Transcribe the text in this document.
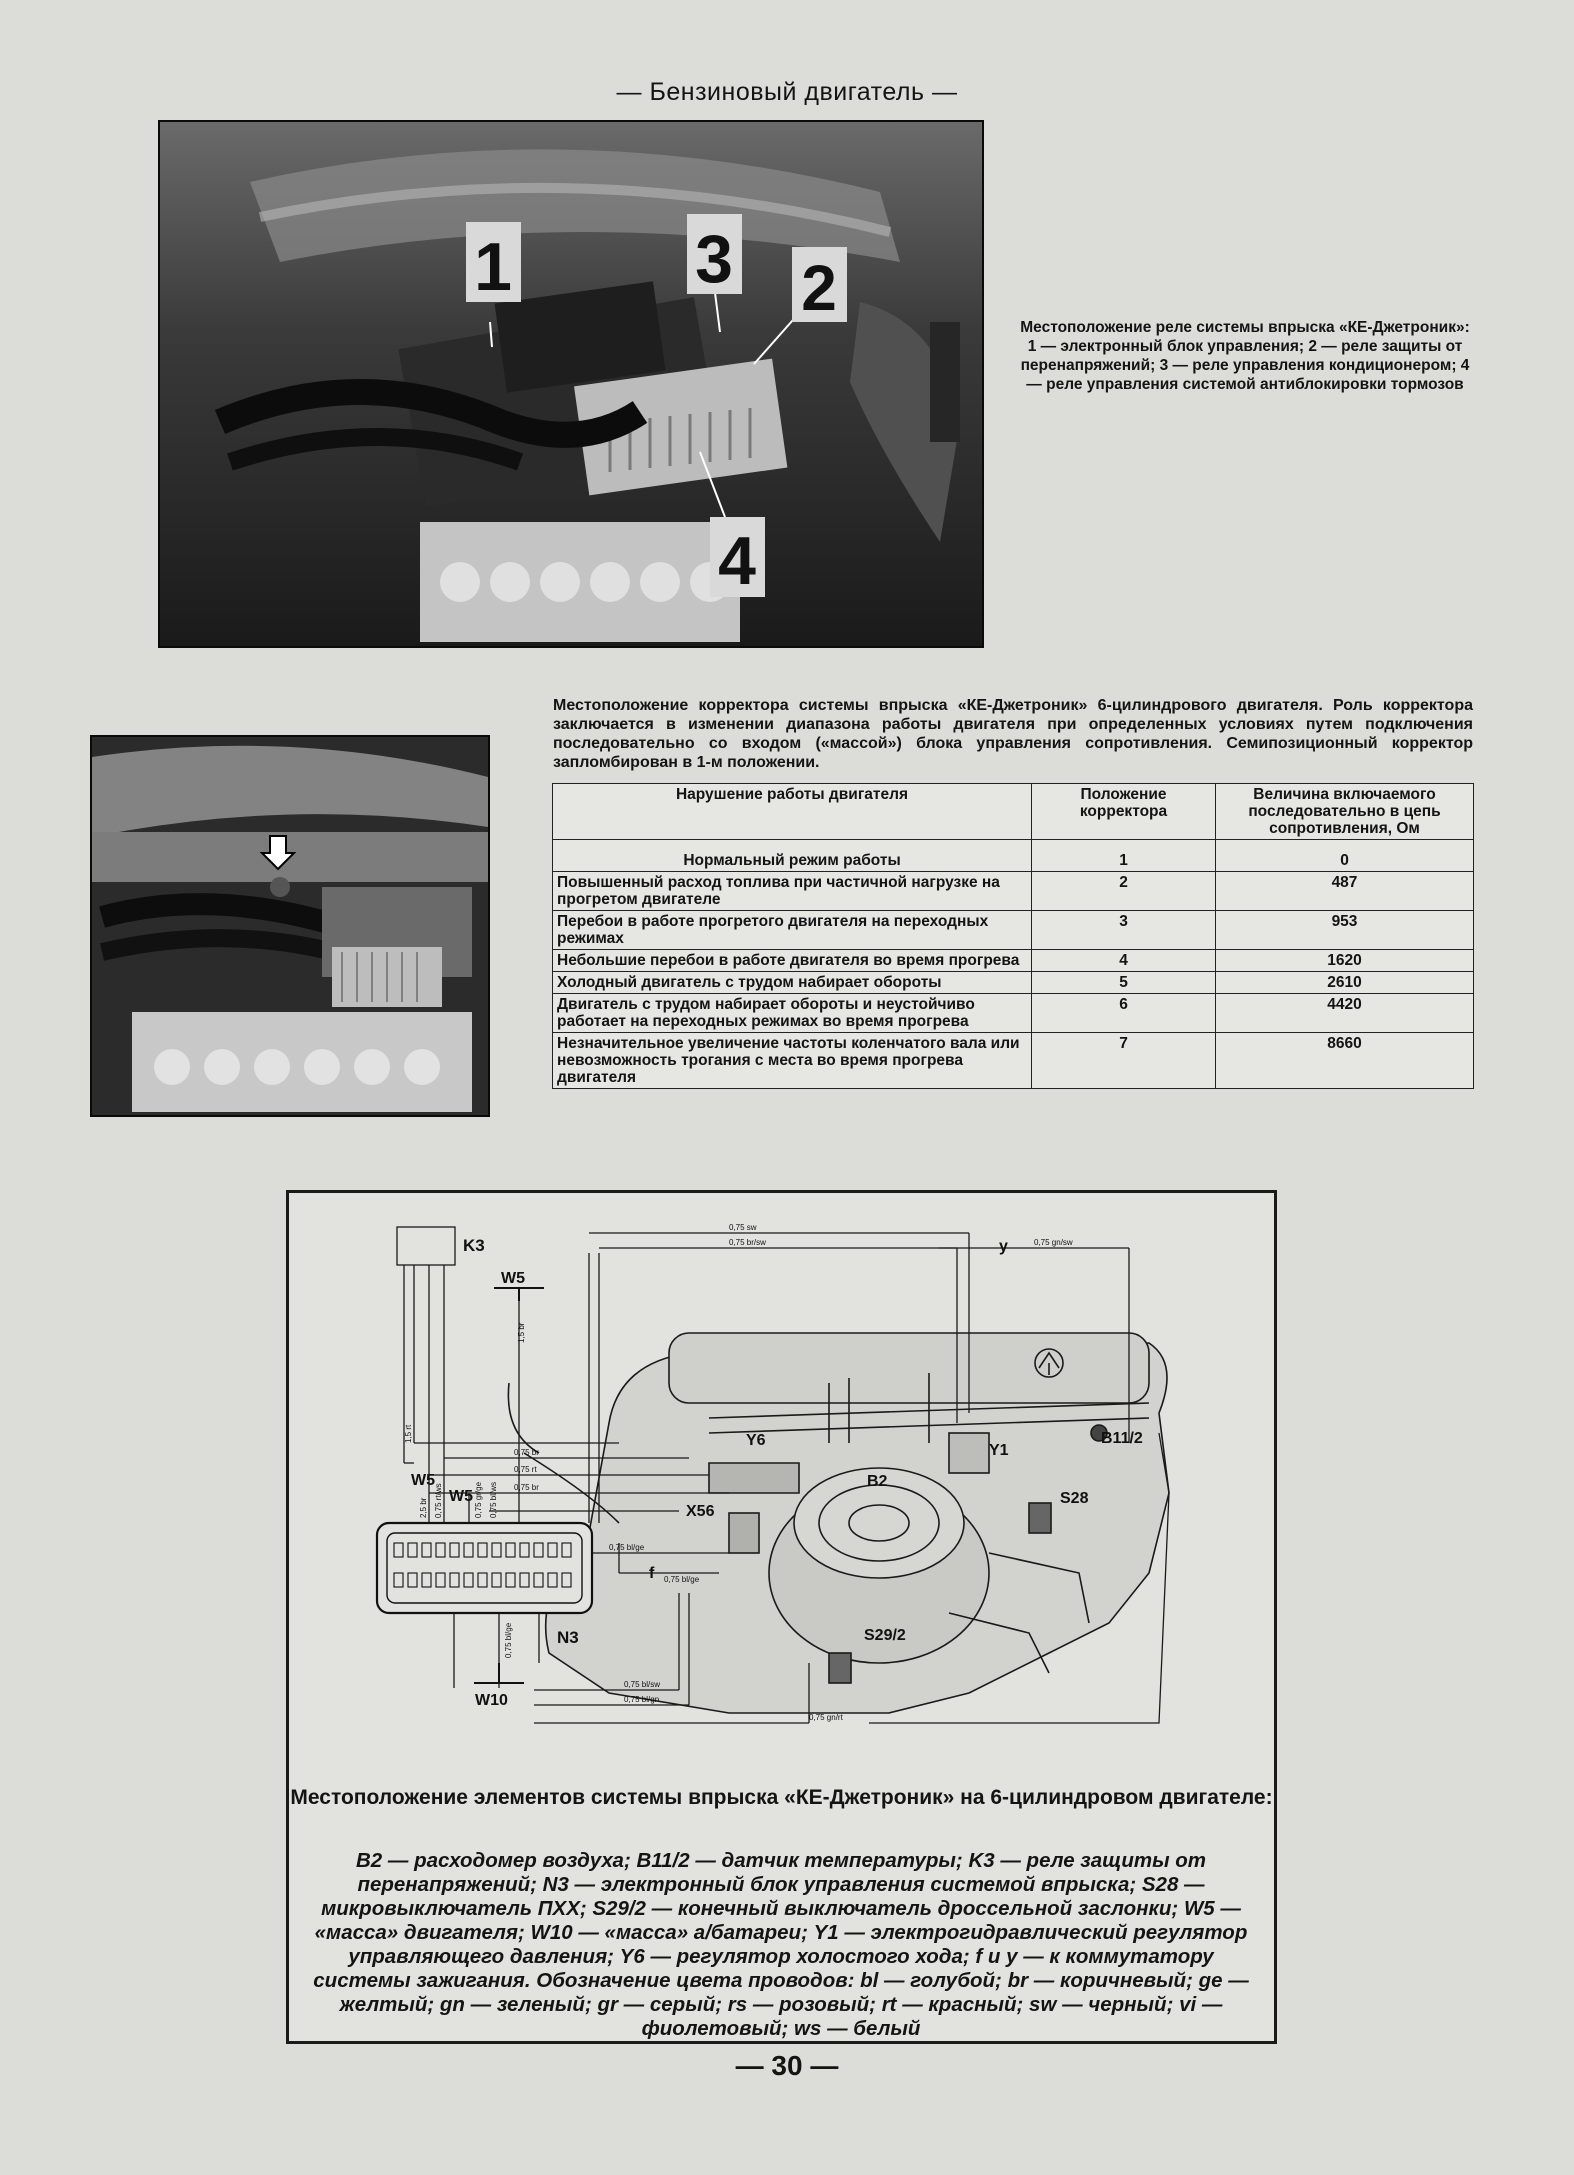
— Бензиновый двигатель —
1	3 2
4
Местоположение реле системы впрыска «КЕ-Джетроник»: 1 — электронный блок управления; 2 — реле защиты от перенапряжений; 3 — реле управления кондиционером; 4 — реле управления системой антиблокировки тормозов
Местоположение корректора системы впрыска «КЕ-Джетроник» 6-цилиндрового двигателя. Роль корректора заключается в изменении диапазона работы двигателя при определенных условиях путем подключения последовательно со входом («массой») блока управления сопротивления. Семипозиционный корректор запломбирован в 1-м положении.
Нарушение работы двигателя	Положение корректора	Величина включаемого последовательно в цепь сопротивления, Ом
Нормальный режим работы	1	0
Повышенный расход топлива при частичной нагрузке на прогретом двигателе	2	487
Перебои в работе прогретого двигателя на переходных режимах	3	953
Небольшие перебои в работе двигателя во время прогрева	4	1620
Холодный двигатель с трудом набирает обороты	5	2610
Двигатель с трудом набирает обороты и неустойчиво работает на переходных режимах во время прогрева	6	4420
Незначительное увеличение частоты коленчатого вала или невозможность трогания с места во время прогрева двигателя	7	8660
K3
W5
W5
W5
N3
W10
Y6
Y1
B11/2
X56
B2
S28
S29/2
y
f
0,75 sw
0,75 br/sw	0,75 gn/sw
0,75 br
0,75 rt
0,75 br
0,75 bl/ge
0,75 bl/ge
0,75 bl/sw
0,75 bl/gn
0,75 gn/rt
1,5 br
1,5 rt
2,5 br 0,75 rt/ws	0,75 gr/ge 0,75 bl/ws
0,75 bl/ge
Местоположение элементов системы впрыска «КЕ-Джетроник» на 6-цилиндровом двигателе:
B2 — расходомер воздуха; B11/2 — датчик температуры; K3 — реле защиты от перенапряжений; N3 — электронный блок управления системой впрыска; S28 — микровыключатель ПХХ; S29/2 — конечный выключатель дроссельной заслонки; W5 — «масса» двигателя; W10 — «масса» а/батареи; Y1 — электрогидравлический регулятор управляющего давления; Y6 — регулятор холостого хода; f и y — к коммутатору системы зажигания. Обозначение цвета проводов: bl — голубой; br — коричневый; ge — желтый; gn — зеленый; gr — серый; rs — розовый; rt — красный; sw — черный; vi — фиолетовый; ws — белый
— 30 —
